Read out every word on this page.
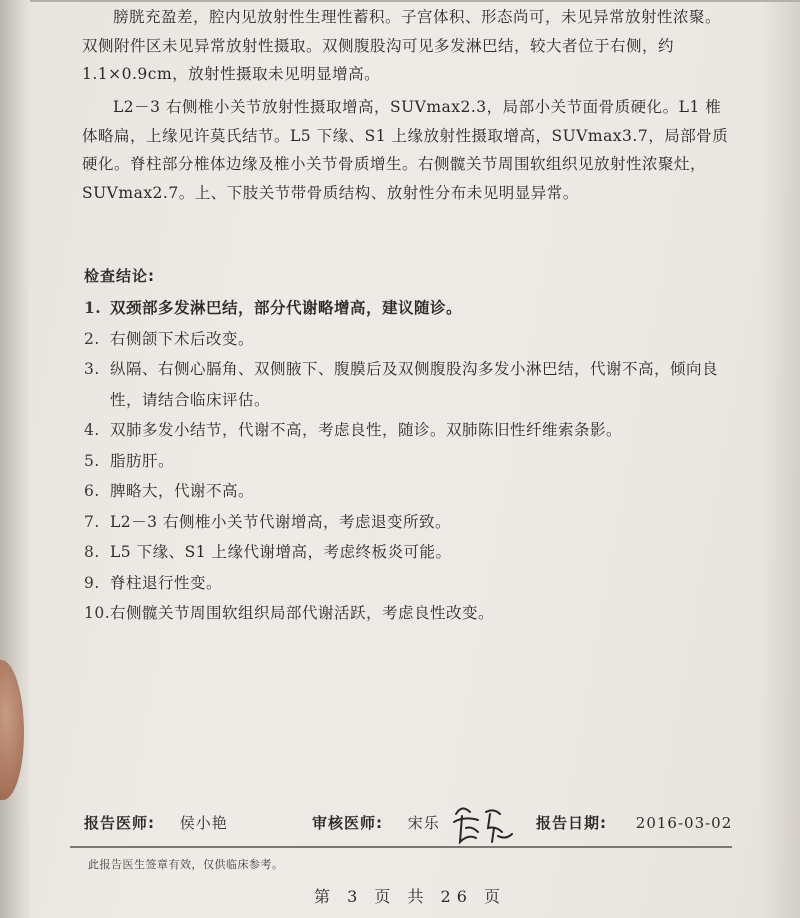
膀胱充盈差，腔内见放射性生理性蓄积。子宫体积、形态尚可，未见异常放射性浓聚。双侧附件区未见异常放射性摄取。双侧腹股沟可见多发淋巴结，较大者位于右侧，约 1.1×0.9cm，放射性摄取未见明显增高。
L2－3 右侧椎小关节放射性摄取增高，SUVmax2.3，局部小关节面骨质硬化。L1 椎体略扁，上缘见许莫氏结节。L5 下缘、S1 上缘放射性摄取增高，SUVmax3.7，局部骨质硬化。脊柱部分椎体边缘及椎小关节骨质增生。右侧髋关节周围软组织见放射性浓聚灶，SUVmax2.7。上、下肢关节带骨质结构、放射性分布未见明显异常。
检查结论:
1. 双颈部多发淋巴结，部分代谢略增高，建议随诊。
2. 右侧颌下术后改变。
3. 纵隔、右侧心膈角、双侧腋下、腹膜后及双侧腹股沟多发小淋巴结，代谢不高，倾向良性，请结合临床评估。
4. 双肺多发小结节，代谢不高，考虑良性，随诊。双肺陈旧性纤维索条影。
5. 脂肪肝。
6. 脾略大，代谢不高。
7. L2－3 右侧椎小关节代谢增高，考虑退变所致。
8. L5 下缘、S1 上缘代谢增高，考虑终板炎可能。
9. 脊柱退行性变。
10. 右侧髋关节周围软组织局部代谢活跃，考虑良性改变。
报告医师: 侯小艳	审核医师: 宋乐	报告日期: 2016-03-02
此报告医生签章有效，仅供临床参考。
第 3 页 共 26 页
